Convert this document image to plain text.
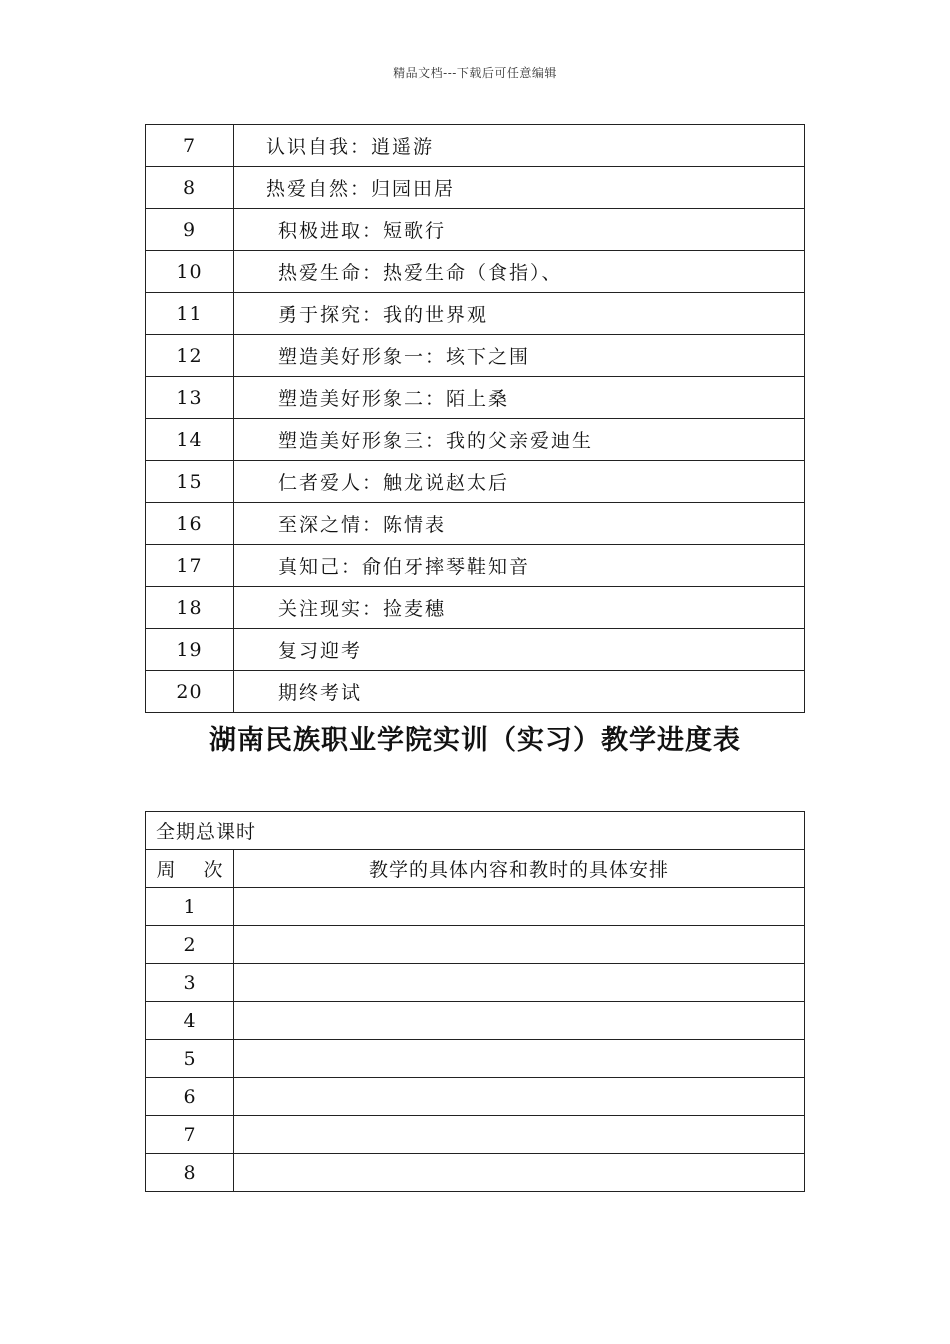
精品文档---下载后可任意编辑
7	认识自我：逍遥游
8	热爱自然：归园田居
9	积极进取：短歌行
10	热爱生命：热爱生命（食指）、
11	勇于探究：我的世界观
12	塑造美好形象一：垓下之围
13	塑造美好形象二：陌上桑
14	塑造美好形象三：我的父亲爱迪生
15	仁者爱人：触龙说赵太后
16	至深之情：陈情表
17	真知己：俞伯牙摔琴鞋知音
18	关注现实：捡麦穗
19	复习迎考
20	期终考试
湖南民族职业学院实训（实习）教学进度表
全期总课时	
周 次	教学的具体内容和教时的具体安排
1	
2	
3	
4	
5	
6	
7	
8	
